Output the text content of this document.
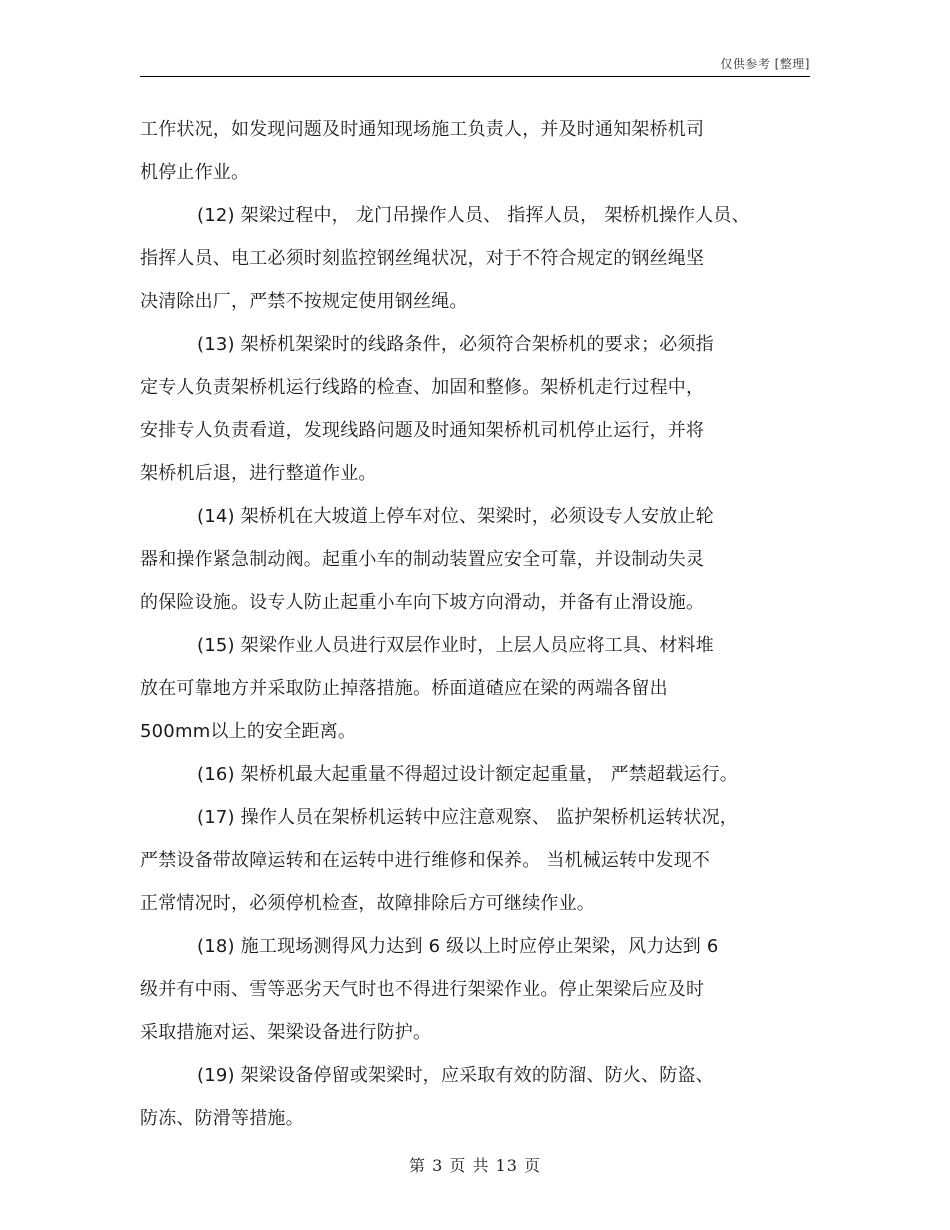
仅供参考 [整理]
工作状况，如发现问题及时通知现场施工负责人，并及时通知架桥机司
机停止作业。
(12) 架梁过程中， 龙门吊操作人员、 指挥人员， 架桥机操作人员、
指挥人员、电工必须时刻监控钢丝绳状况，对于不符合规定的钢丝绳坚
决清除出厂，严禁不按规定使用钢丝绳。
(13) 架桥机架梁时的线路条件，必须符合架桥机的要求；必须指
定专人负责架桥机运行线路的检查、加固和整修。架桥机走行过程中，
安排专人负责看道，发现线路问题及时通知架桥机司机停止运行，并将
架桥机后退，进行整道作业。
(14) 架桥机在大坡道上停车对位、架梁时，必须设专人安放止轮
器和操作紧急制动阀。起重小车的制动装置应安全可靠，并设制动失灵
的保险设施。设专人防止起重小车向下坡方向滑动，并备有止滑设施。
(15) 架梁作业人员进行双层作业时，上层人员应将工具、材料堆
放在可靠地方并采取防止掉落措施。桥面道碴应在梁的两端各留出
500mm以上的安全距离。
(16) 架桥机最大起重量不得超过设计额定起重量， 严禁超载运行。
(17) 操作人员在架桥机运转中应注意观察、 监护架桥机运转状况，
严禁设备带故障运转和在运转中进行维修和保养。 当机械运转中发现不
正常情况时，必须停机检查，故障排除后方可继续作业。
(18) 施工现场测得风力达到 6 级以上时应停止架梁，风力达到 6
级并有中雨、雪等恶劣天气时也不得进行架梁作业。停止架梁后应及时
采取措施对运、架梁设备进行防护。
(19) 架梁设备停留或架梁时，应采取有效的防溜、防火、防盗、
防冻、防滑等措施。
第 3 页 共 13 页
